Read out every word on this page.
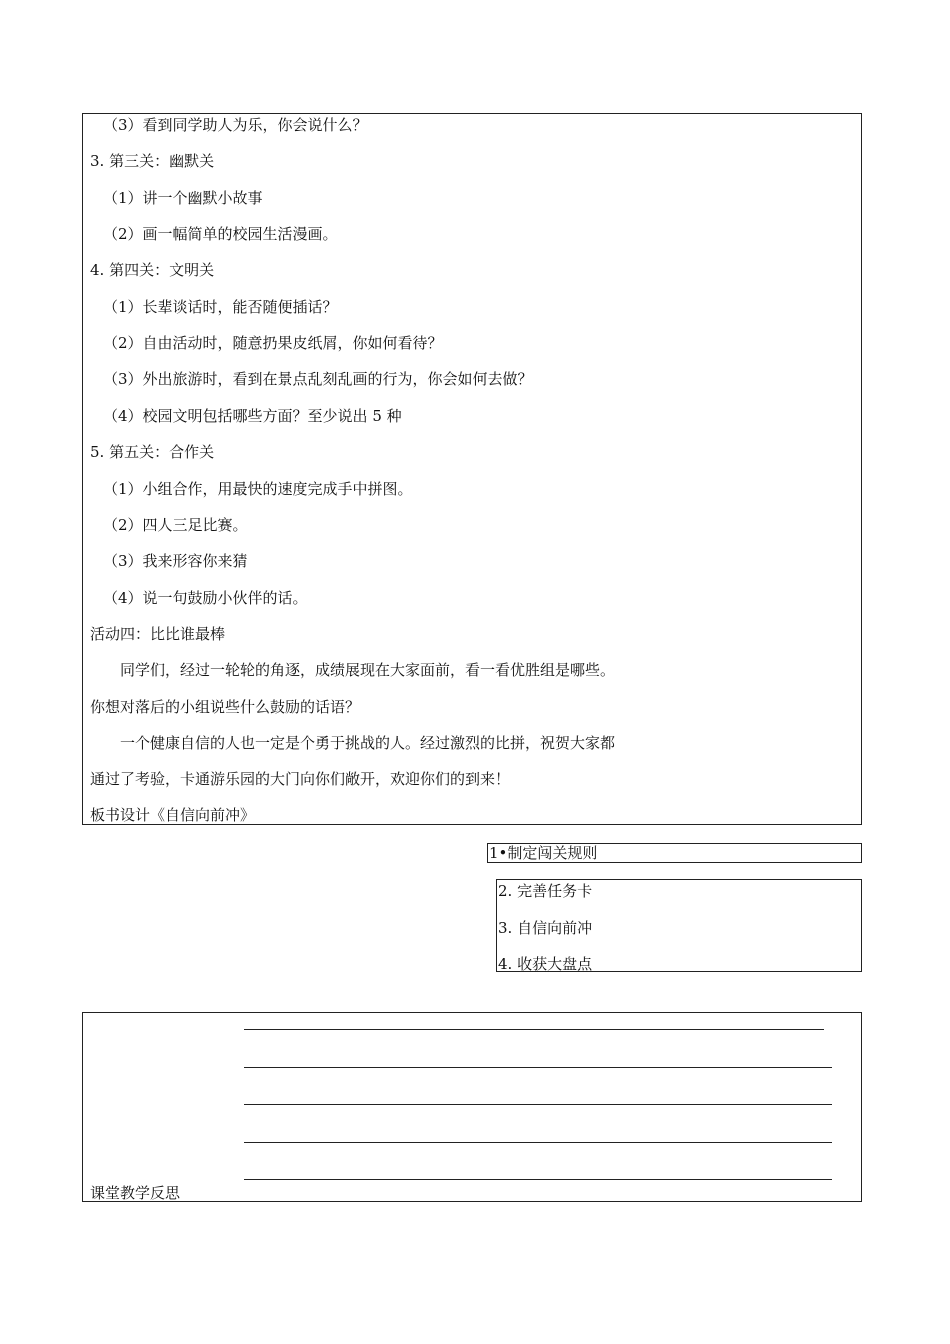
（3）看到同学助人为乐，你会说什么？
3. 第三关：幽默关
（1）讲一个幽默小故事
（2）画一幅简单的校园生活漫画。
4. 第四关：文明关
（1）长辈谈话时，能否随便插话？
（2）自由活动时，随意扔果皮纸屑，你如何看待？
（3）外出旅游时，看到在景点乱刻乱画的行为，你会如何去做？
（4）校园文明包括哪些方面？至少说出 5 种
5. 第五关：合作关
（1）小组合作，用最快的速度完成手中拼图。
（2）四人三足比赛。
（3）我来形容你来猜
（4）说一句鼓励小伙伴的话。
活动四：比比谁最棒
同学们，经过一轮轮的角逐，成绩展现在大家面前，看一看优胜组是哪些。
你想对落后的小组说些什么鼓励的话语？
一个健康自信的人也一定是个勇于挑战的人。经过激烈的比拼，祝贺大家都
通过了考验，卡通游乐园的大门向你们敞开，欢迎你们的到来！
板书设计《自信向前冲》
1•制定闯关规则
2. 完善任务卡
3. 自信向前冲
4. 收获大盘点
课堂教学反思
